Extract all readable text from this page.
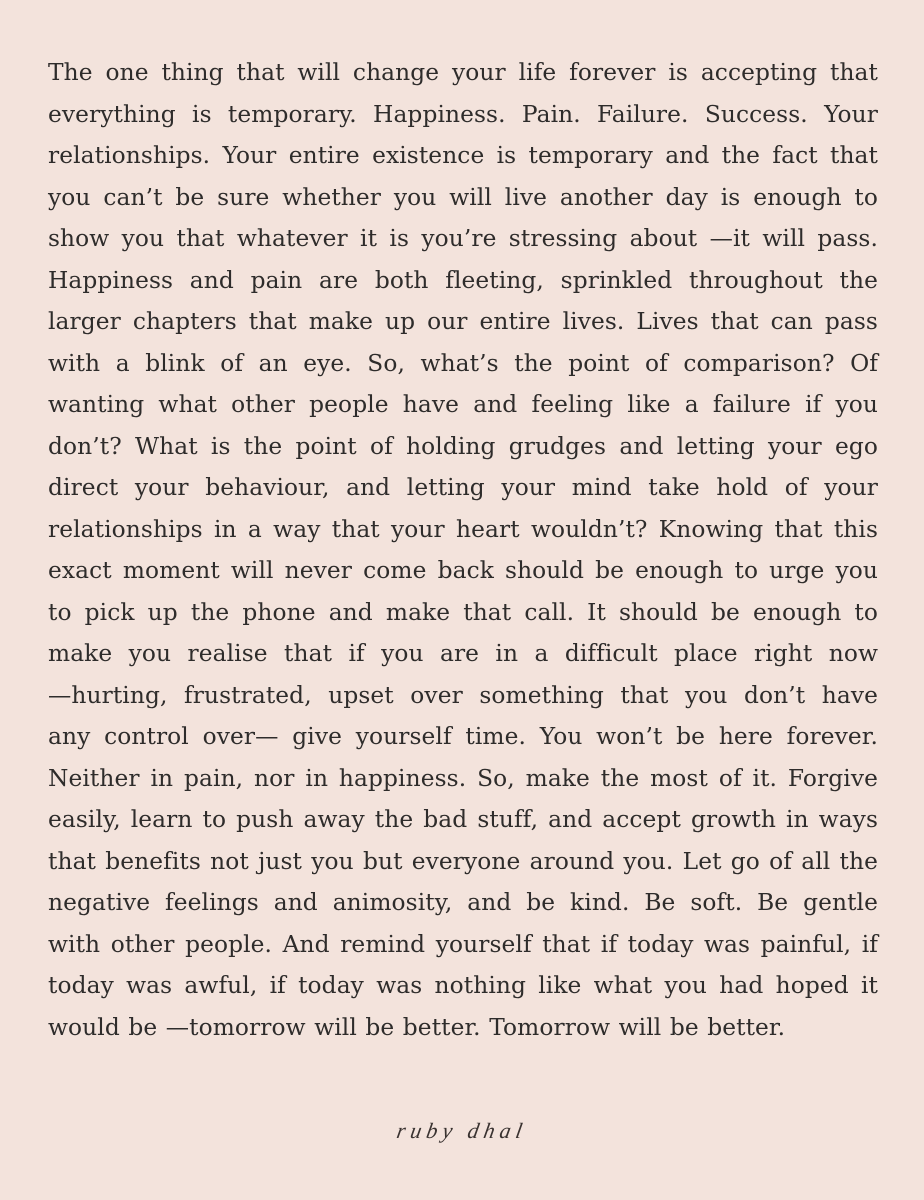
The one thing that will change your life forever is accepting that
everything is temporary. Happiness. Pain. Failure. Success. Your
relationships. Your entire existence is temporary and the fact that
you can’t be sure whether you will live another day is enough to
show you that whatever it is you’re stressing about —it will pass.
Happiness and pain are both fleeting, sprinkled throughout the
larger chapters that make up our entire lives. Lives that can pass
with a blink of an eye. So, what’s the point of comparison? Of
wanting what other people have and feeling like a failure if you
don’t? What is the point of holding grudges and letting your ego
direct your behaviour, and letting your mind take hold of your
relationships in a way that your heart wouldn’t? Knowing that this
exact moment will never come back should be enough to urge you
to pick up the phone and make that call. It should be enough to
make you realise that if you are in a difficult place right now
—hurting, frustrated, upset over something that you don’t have
any control over— give yourself time. You won’t be here forever.
Neither in pain, nor in happiness. So, make the most of it. Forgive
easily, learn to push away the bad stuff, and accept growth in ways
that benefits not just you but everyone around you. Let go of all the
negative feelings and animosity, and be kind. Be soft. Be gentle
with other people. And remind yourself that if today was painful, if
today was awful, if today was nothing like what you had hoped it
would be —tomorrow will be better. Tomorrow will be better.
ruby dhal
